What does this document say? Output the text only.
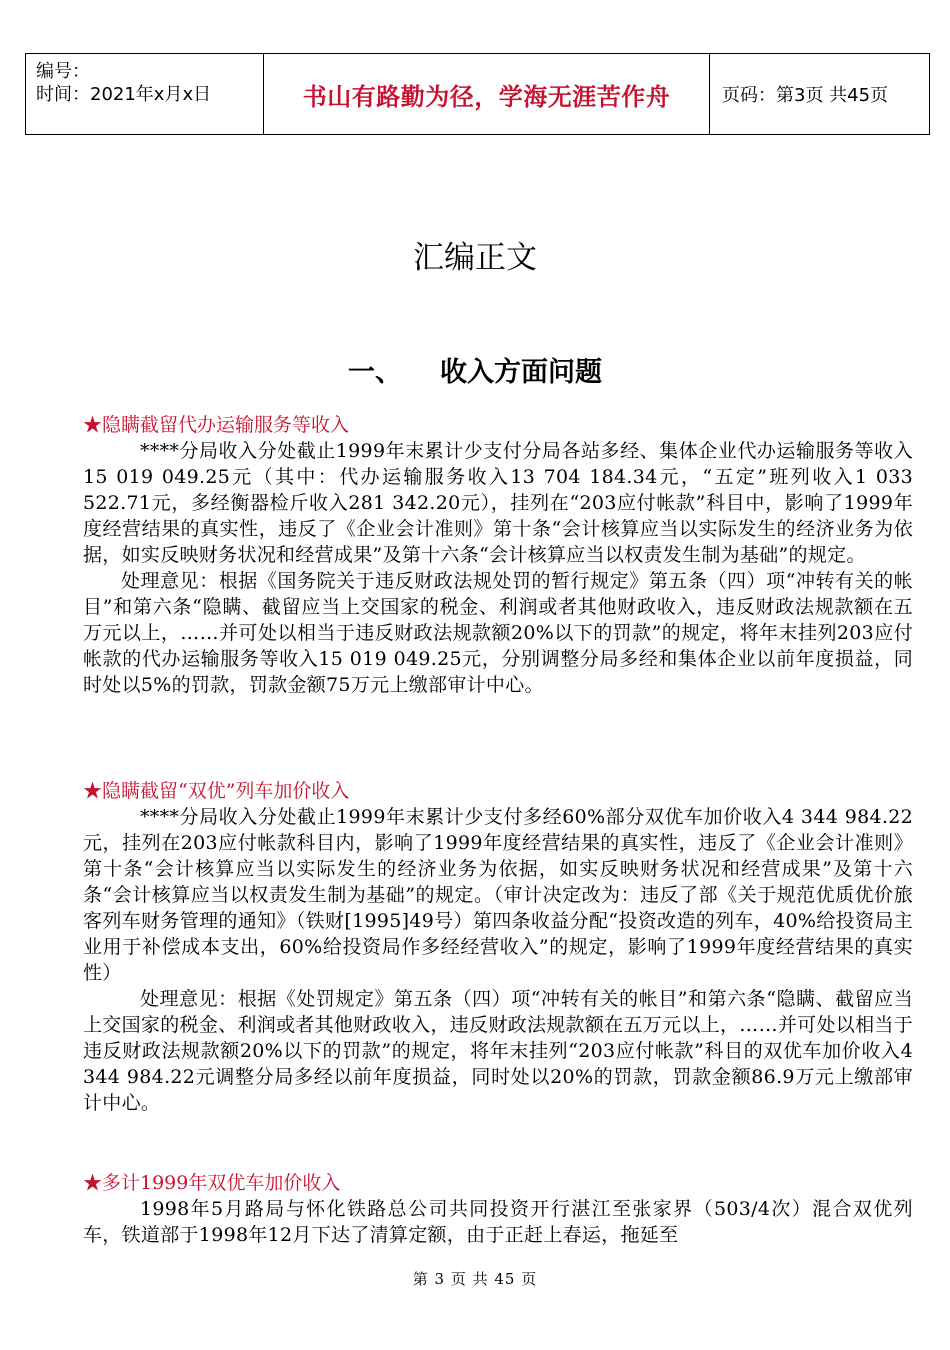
编号：
时间：2021年x月x日	书山有路勤为径，学海无涯苦作舟	页码：第3页 共45页
汇编正文
一、 收入方面问题
★隐瞒截留代办运输服务等收入

****分局收入分处截止1999年末累计少支付分局各站多经、集体企业代办运输服务等收入15 019 049.25元（其中：代办运输服务收入13 704 184.34元，“五定”班列收入1 033 522.71元，多经衡器检斤收入281 342.20元），挂列在“203应付帐款”科目中，影响了1999年度经营结果的真实性，违反了《企业会计准则》第十条“会计核算应当以实际发生的经济业务为依据，如实反映财务状况和经营成果”及第十六条“会计核算应当以权责发生制为基础”的规定。

处理意见：根据《国务院关于违反财政法规处罚的暂行规定》第五条（四）项“冲转有关的帐目”和第六条“隐瞒、截留应当上交国家的税金、利润或者其他财政收入，违反财政法规款额在五万元以上，……并可处以相当于违反财政法规款额20%以下的罚款”的规定，将年末挂列203应付帐款的代办运输服务等收入15 019 049.25元，分别调整分局多经和集体企业以前年度损益，同时处以5%的罚款，罚款金额75万元上缴部审计中心。

★隐瞒截留“双优”列车加价收入

****分局收入分处截止1999年末累计少支付多经60%部分双优车加价收入4 344 984.22元，挂列在203应付帐款科目内，影响了1999年度经营结果的真实性，违反了《企业会计准则》第十条“会计核算应当以实际发生的经济业务为依据，如实反映财务状况和经营成果”及第十六条“会计核算应当以权责发生制为基础”的规定。（审计决定改为：违反了部《关于规范优质优价旅客列车财务管理的通知》（铁财[1995]49号）第四条收益分配“投资改造的列车，40%给投资局主业用于补偿成本支出，60%给投资局作多经经营收入”的规定，影响了1999年度经营结果的真实性）

处理意见：根据《处罚规定》第五条（四）项“冲转有关的帐目”和第六条“隐瞒、截留应当上交国家的税金、利润或者其他财政收入，违反财政法规款额在五万元以上，……并可处以相当于违反财政法规款额20%以下的罚款”的规定，将年末挂列“203应付帐款”科目的双优车加价收入4 344 984.22元调整分局多经以前年度损益，同时处以20%的罚款，罚款金额86.9万元上缴部审计中心。

★多计1999年双优车加价收入

1998年5月路局与怀化铁路总公司共同投资开行湛江至张家界（503/4次）混合双优列车，铁道部于1998年12月下达了清算定额，由于正赶上春运，拖延至

第 3 页 共 45 页
